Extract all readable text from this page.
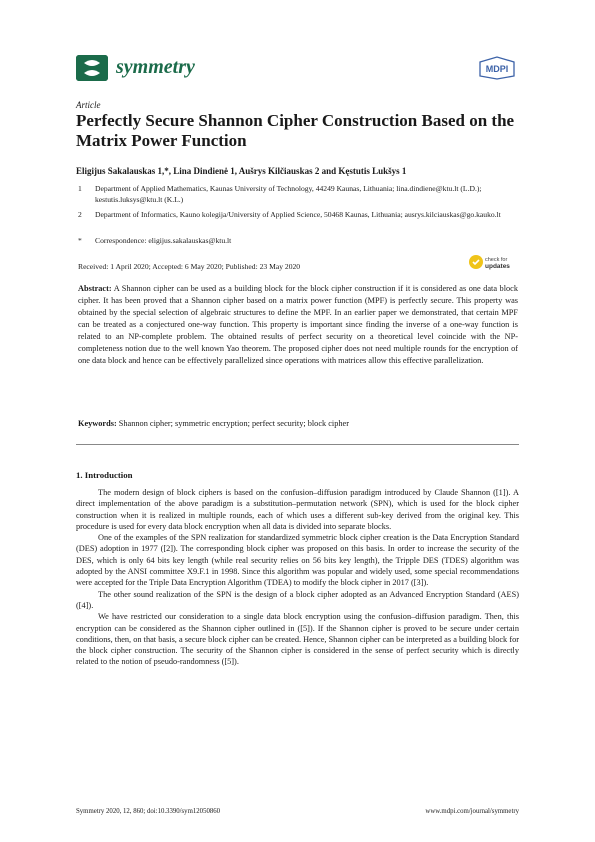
symmetry	MDPI
Article
Perfectly Secure Shannon Cipher Construction Based on the Matrix Power Function
Eligijus Sakalauskas 1,*, Lina Dindienė 1, Aušrys Kilčiauskas 2 and Kęstutis Lukšys 1
1 Department of Applied Mathematics, Kaunas University of Technology, 44249 Kaunas, Lithuania; lina.dindiene@ktu.lt (L.D.); kestutis.luksys@ktu.lt (K.L.)
2 Department of Informatics, Kauno kolegija/University of Applied Science, 50468 Kaunas, Lithuania; ausrys.kilciauskas@go.kauko.lt
* Correspondence: eligijus.sakalauskas@ktu.lt
Received: 1 April 2020; Accepted: 6 May 2020; Published: 23 May 2020
check for
updates
Abstract: A Shannon cipher can be used as a building block for the block cipher construction if it is considered as one data block cipher. It has been proved that a Shannon cipher based on a matrix power function (MPF) is perfectly secure. This property was obtained by the special selection of algebraic structures to define the MPF. In an earlier paper we demonstrated, that certain MPF can be treated as a conjectured one-way function. This property is important since finding the inverse of a one-way function is related to an NP-complete problem. The obtained results of perfect security on a theoretical level coincide with the NP-completeness notion due to the well known Yao theorem. The proposed cipher does not need multiple rounds for the encryption of one data block and hence can be effectively parallelized since operations with matrices allow this effective parallelization.
Keywords: Shannon cipher; symmetric encryption; perfect security; block cipher
1. Introduction

The modern design of block ciphers is based on the confusion–diffusion paradigm introduced by Claude Shannon ([1]). A direct implementation of the above paradigm is a substitution–permutation network (SPN), which is used for the block cipher construction when it is realized in multiple rounds, each of which uses a different sub-key derived from the original key. This procedure is used for every data block encryption when all data is divided into separate blocks.

One of the examples of the SPN realization for standardized symmetric block cipher creation is the Data Encryption Standard (DES) adoption in 1977 ([2]). The corresponding block cipher was proposed on this basis. In order to increase the security of the DES, which is only 64 bits key length (while real security relies on 56 bits key length), the Tripple DES (TDES) algorithm was adopted by the ANSI committee X9.F.1 in 1998. Since this algorithm was popular and widely used, some special recommendations were accepted for the Triple Data Encryption Algorithm (TDEA) to modify the block cipher in 2017 ([3]).

The other sound realization of the SPN is the design of a block cipher adopted as an Advanced Encryption Standard (AES) ([4]).

We have restricted our consideration to a single data block encryption using the confusion–diffusion paradigm. Then, this encryption can be considered as the Shannon cipher outlined in ([5]). If the Shannon cipher is proved to be secure under certain conditions, then, on that basis, a secure block cipher can be created. Hence, Shannon cipher can be interpreted as a building block for the block cipher construction. The security of the Shannon cipher is considered in the sense of perfect security which is directly related to the notion of pseudo-randomness ([5]).

Symmetry 2020, 12, 860; doi:10.3390/sym12050860	www.mdpi.com/journal/symmetry
